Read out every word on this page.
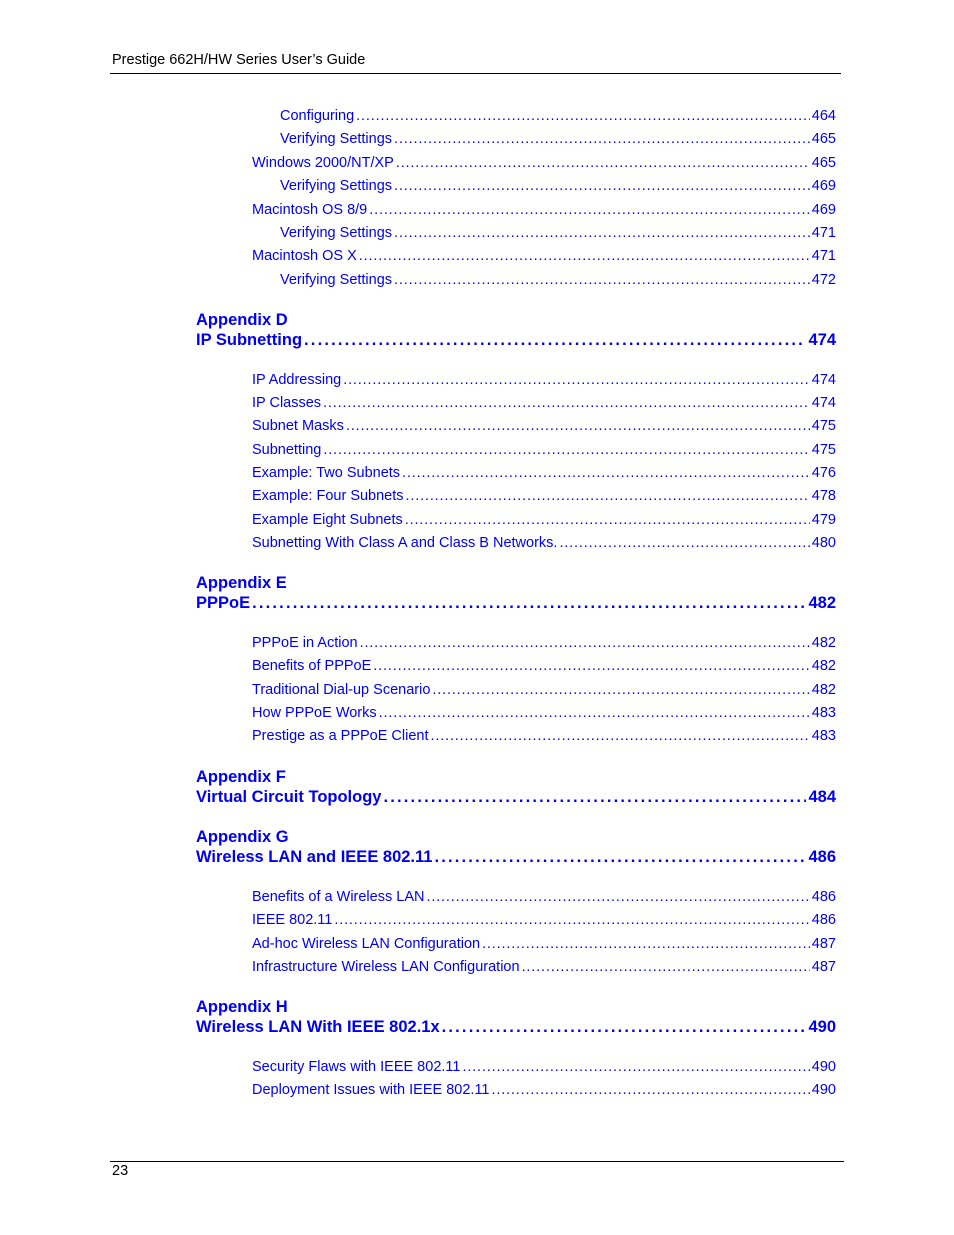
Prestige 662H/HW Series User’s Guide
Configuring . . .	464
Verifying Settings . . .	465
Windows 2000/NT/XP . . .	465
Verifying Settings . . .	469
Macintosh OS 8/9 . . .	469
Verifying Settings . . .	471
Macintosh OS X . . .	471
Verifying Settings . . .	472
Appendix D
IP Subnetting . . .	474
IP Addressing . . .	474
IP Classes . . .	474
Subnet Masks . . .	475
Subnetting . . .	475
Example: Two Subnets . . .	476
Example: Four Subnets . . .	478
Example Eight Subnets . . .	479
Subnetting With Class A and Class B Networks. . . .	480
Appendix E
PPPoE . . .	482
PPPoE in Action . . .	482
Benefits of PPPoE . . .	482
Traditional Dial-up Scenario . . .	482
How PPPoE Works . . .	483
Prestige as a PPPoE Client . . .	483
Appendix F
Virtual Circuit Topology . . .	484
Appendix G
Wireless LAN and IEEE 802.11 . . .	486
Benefits of a Wireless LAN . . .	486
IEEE 802.11 . . .	486
Ad-hoc Wireless LAN Configuration . . .	487
Infrastructure Wireless LAN Configuration . . .	487
Appendix H
Wireless LAN With IEEE 802.1x . . .	490
Security Flaws with IEEE 802.11 . . .	490
Deployment Issues with IEEE 802.11 . . .	490
23
